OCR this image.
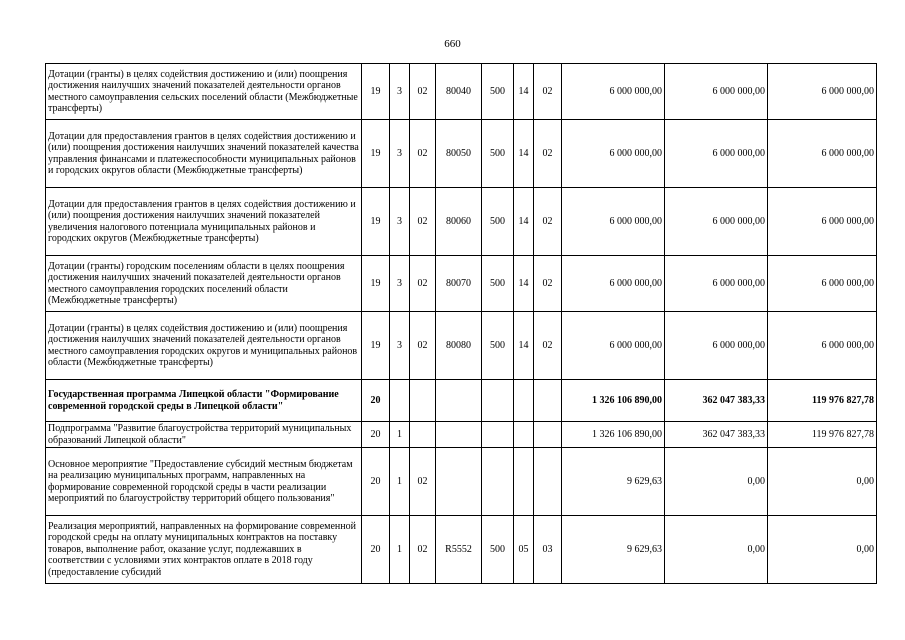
660
Дотации (гранты) в целях содействия достижению и (или) поощрения достижения наилучших значений показателей деятельности органов местного самоуправления сельских поселений области (Межбюджетные трансферты)	19	3	02	80040	500	14	02	6 000 000,00	6 000 000,00	6 000 000,00
Дотации для предоставления грантов в целях содействия достижению и (или) поощрения достижения наилучших значений показателей качества управления финансами и платежеспособности муниципальных районов и городских округов области (Межбюджетные трансферты)	19	3	02	80050	500	14	02	6 000 000,00	6 000 000,00	6 000 000,00
Дотации для предоставления грантов в целях содействия достижению и (или) поощрения достижения наилучших значений показателей увеличения налогового потенциала муниципальных районов и городских округов (Межбюджетные трансферты)	19	3	02	80060	500	14	02	6 000 000,00	6 000 000,00	6 000 000,00
Дотации (гранты) городским поселениям области в целях поощрения достижения наилучших значений показателей деятельности органов местного самоуправления городских поселений области (Межбюджетные трансферты)	19	3	02	80070	500	14	02	6 000 000,00	6 000 000,00	6 000 000,00
Дотации (гранты) в целях содействия достижению и (или) поощрения достижения наилучших значений показателей деятельности органов местного самоуправления городских округов и муниципальных районов области (Межбюджетные трансферты)	19	3	02	80080	500	14	02	6 000 000,00	6 000 000,00	6 000 000,00
Государственная программа Липецкой области "Формирование современной городской среды в Липецкой области"	20							1 326 106 890,00	362 047 383,33	119 976 827,78
Подпрограмма "Развитие благоустройства территорий муниципальных образований Липецкой области"	20	1						1 326 106 890,00	362 047 383,33	119 976 827,78
Основное мероприятие "Предоставление субсидий местным бюджетам на реализацию муниципальных программ, направленных на формирование современной городской среды в части реализации мероприятий по благоустройству территорий общего пользования"	20	1	02					9 629,63	0,00	0,00
Реализация мероприятий, направленных на формирование современной городской среды на оплату муниципальных контрактов на поставку товаров, выполнение работ, оказание услуг, подлежавших в соответствии с условиями этих контрактов оплате в 2018 году (предоставление субсидий	20	1	02	R5552	500	05	03	9 629,63	0,00	0,00
